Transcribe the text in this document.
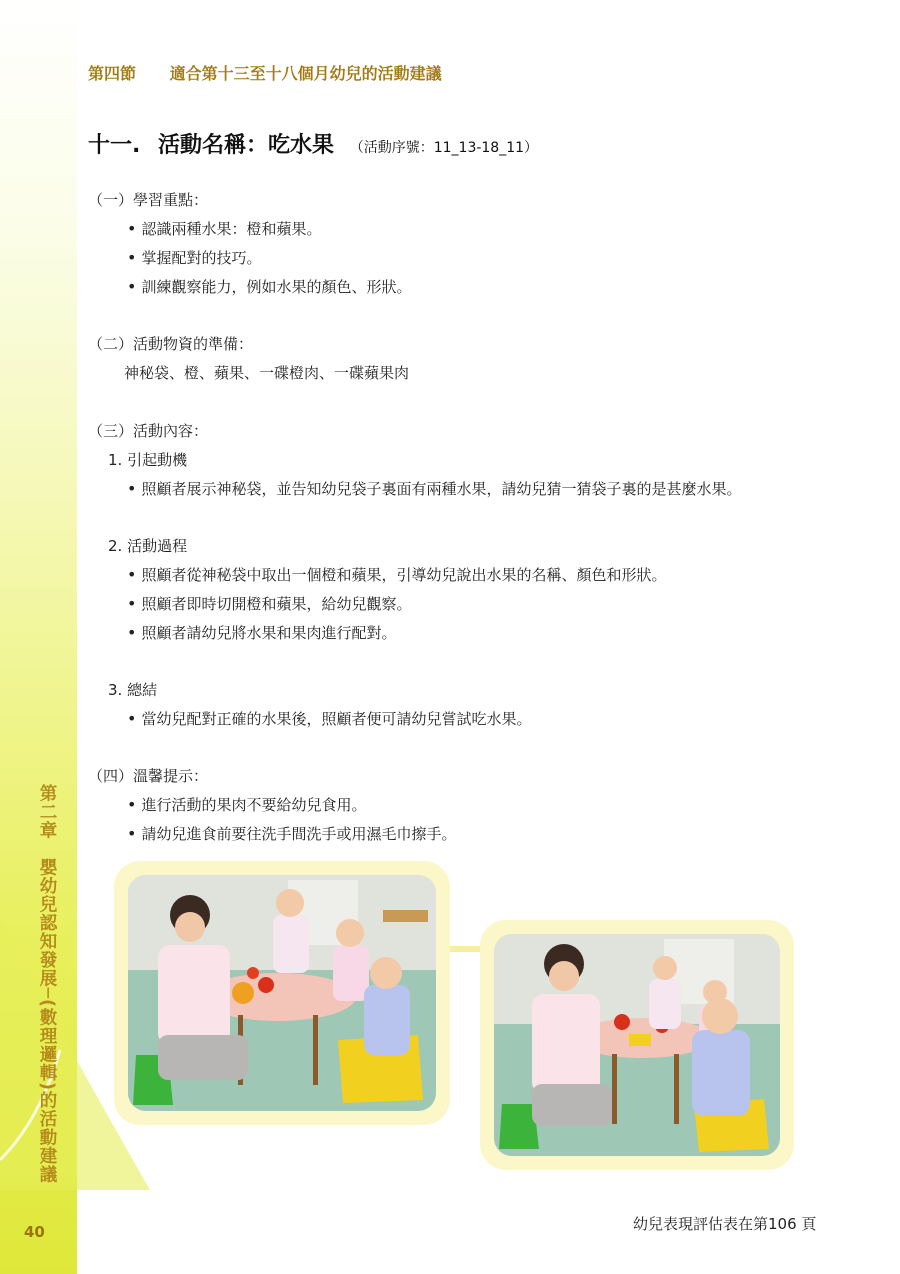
第二章　嬰幼兒認知發展─(數理邏輯)的活動建議
40
第四節 適合第十三至十八個月幼兒的活動建議
十一. 活動名稱：吃水果 （活動序號：11_13-18_11）
（一）學習重點：
• 認識兩種水果：橙和蘋果。
• 掌握配對的技巧。
• 訓練觀察能力，例如水果的顏色、形狀。
（二）活動物資的準備：
神秘袋、橙、蘋果、一碟橙肉、一碟蘋果肉
（三）活動內容：
1. 引起動機
• 照顧者展示神秘袋，並告知幼兒袋子裏面有兩種水果，請幼兒猜一猜袋子裏的是甚麼水果。
2. 活動過程
• 照顧者從神秘袋中取出一個橙和蘋果，引導幼兒說出水果的名稱、顏色和形狀。
• 照顧者即時切開橙和蘋果，給幼兒觀察。
• 照顧者請幼兒將水果和果肉進行配對。
3. 總結
• 當幼兒配對正確的水果後，照顧者便可請幼兒嘗試吃水果。
（四）溫馨提示：
• 進行活動的果肉不要給幼兒食用。
• 請幼兒進食前要往洗手間洗手或用濕毛巾擦手。
幼兒表現評估表在第106 頁
